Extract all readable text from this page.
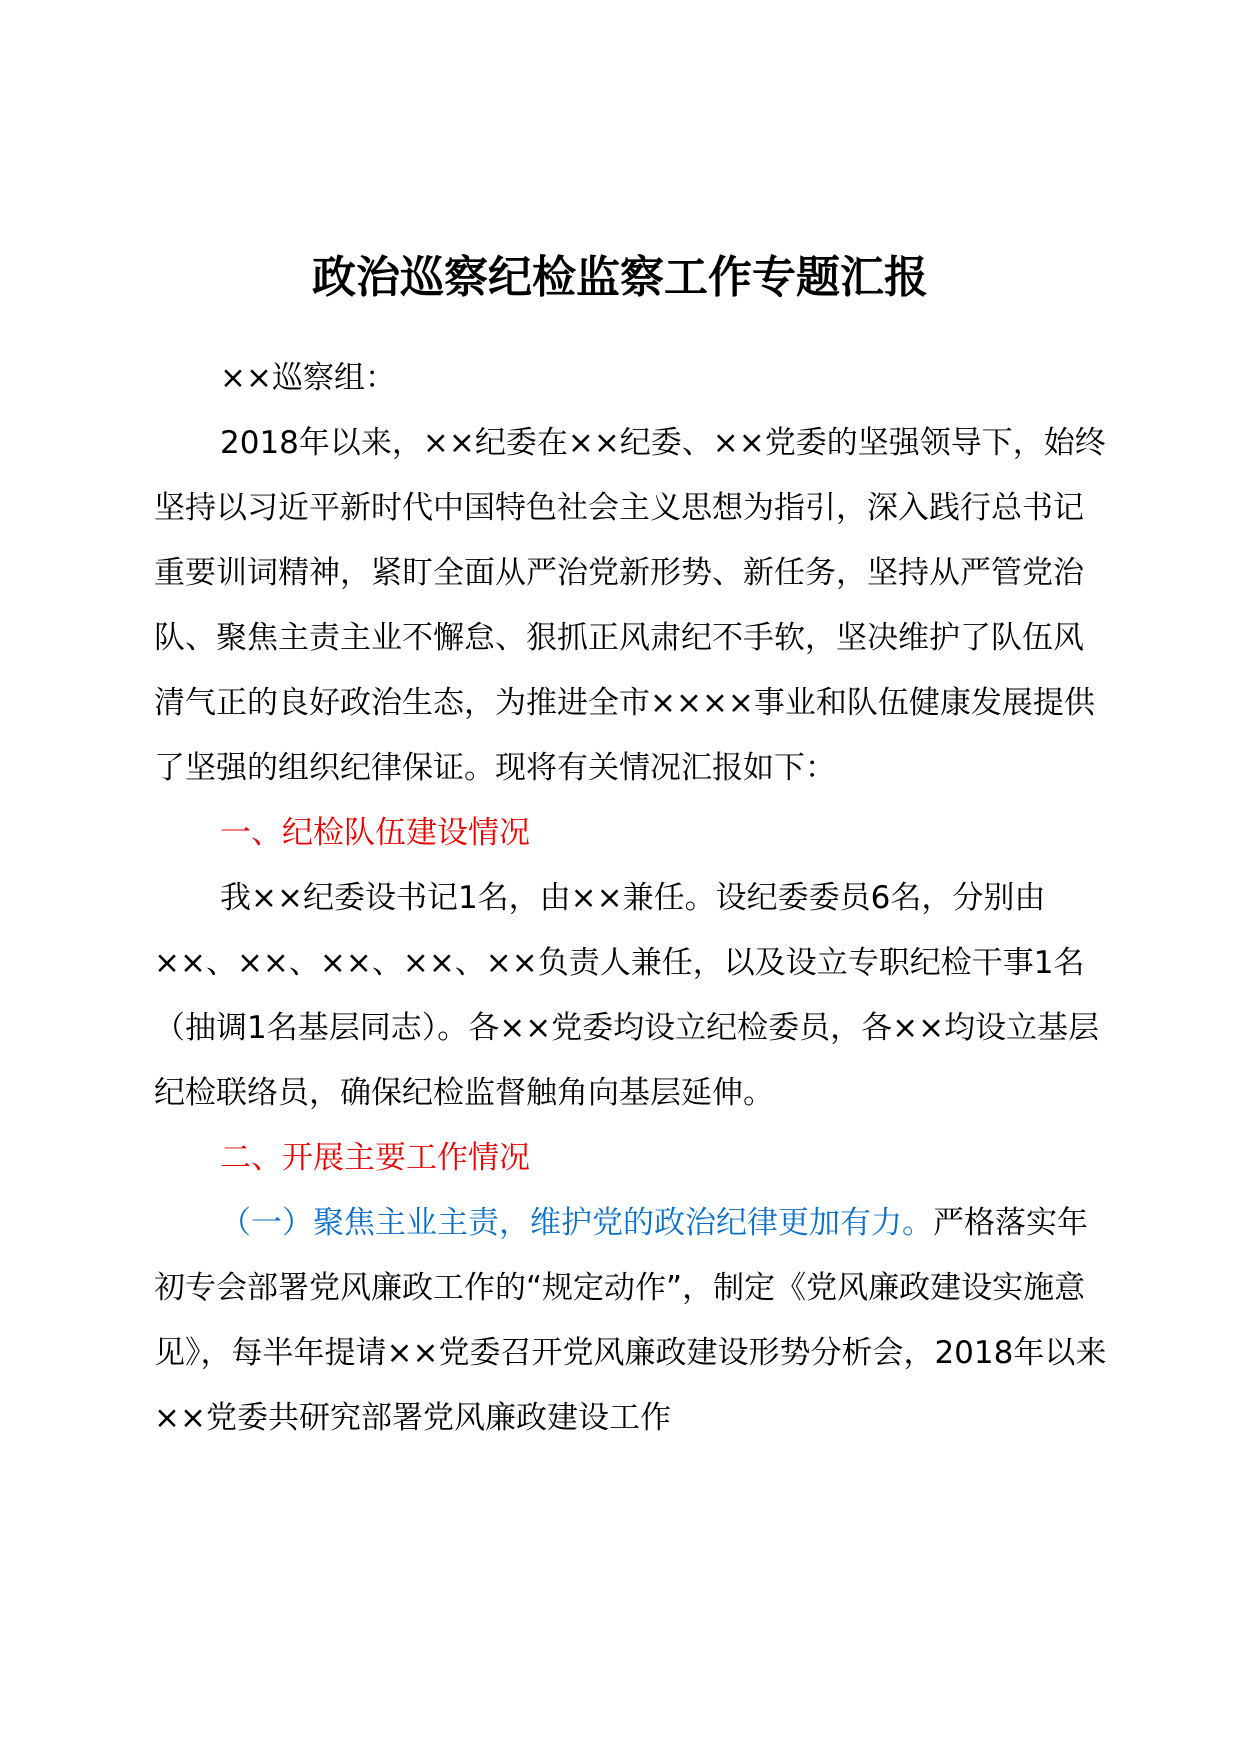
政治巡察纪检监察工作专题汇报

××巡察组：

2018年以来，××纪委在××纪委、××党委的坚强领导下，始终坚持以习近平新时代中国特色社会主义思想为指引，深入践行总书记重要训词精神，紧盯全面从严治党新形势、新任务，坚持从严管党治队、聚焦主责主业不懈怠、狠抓正风肃纪不手软，坚决维护了队伍风清气正的良好政治生态，为推进全市××××事业和队伍健康发展提供了坚强的组织纪律保证。现将有关情况汇报如下：

一、纪检队伍建设情况

我××纪委设书记1名，由××兼任。设纪委委员6名，分别由××、××、××、××、××负责人兼任，以及设立专职纪检干事1名（抽调1名基层同志）。各××党委均设立纪检委员，各××均设立基层纪检联络员，确保纪检监督触角向基层延伸。

二、开展主要工作情况

（一）聚焦主业主责，维护党的政治纪律更加有力。严格落实年初专会部署党风廉政工作的“规定动作”，制定《党风廉政建设实施意见》，每半年提请××党委召开党风廉政建设形势分析会，2018年以来××党委共研究部署党风廉政建设工作
